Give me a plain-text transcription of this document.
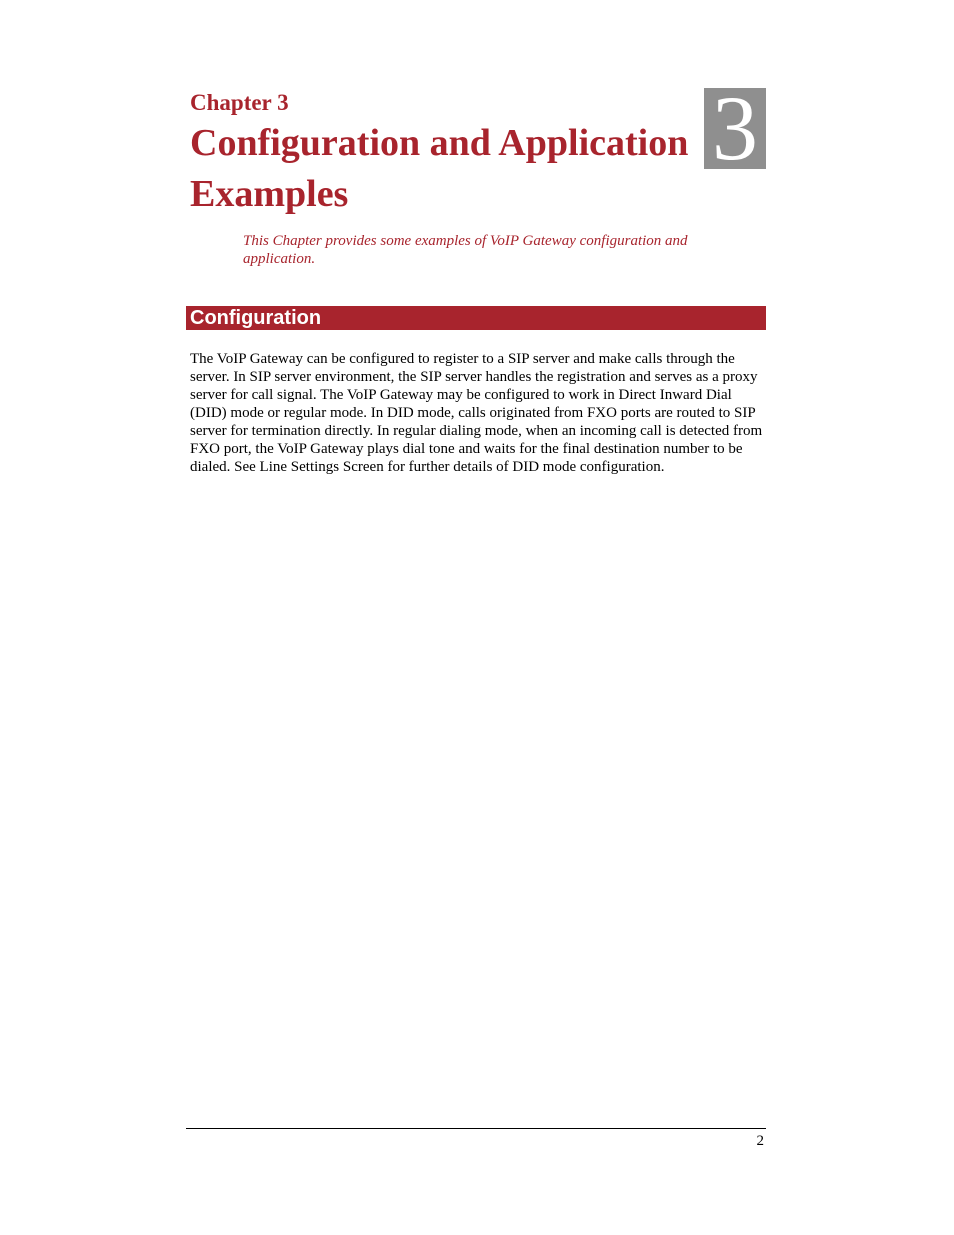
Chapter 3
Configuration and Application Examples
3

This Chapter provides some examples of VoIP Gateway configuration and application.

Configuration

The VoIP Gateway can be configured to register to a SIP server and make calls through the server. In SIP server environment, the SIP server handles the registration and serves as a proxy server for call signal. The VoIP Gateway may be configured to work in Direct Inward Dial (DID) mode or regular mode. In DID mode, calls originated from FXO ports are routed to SIP server for termination directly. In regular dialing mode, when an incoming call is detected from FXO port, the VoIP Gateway plays dial tone and waits for the final destination number to be dialed. See Line Settings Screen for further details of DID mode configuration.

2
